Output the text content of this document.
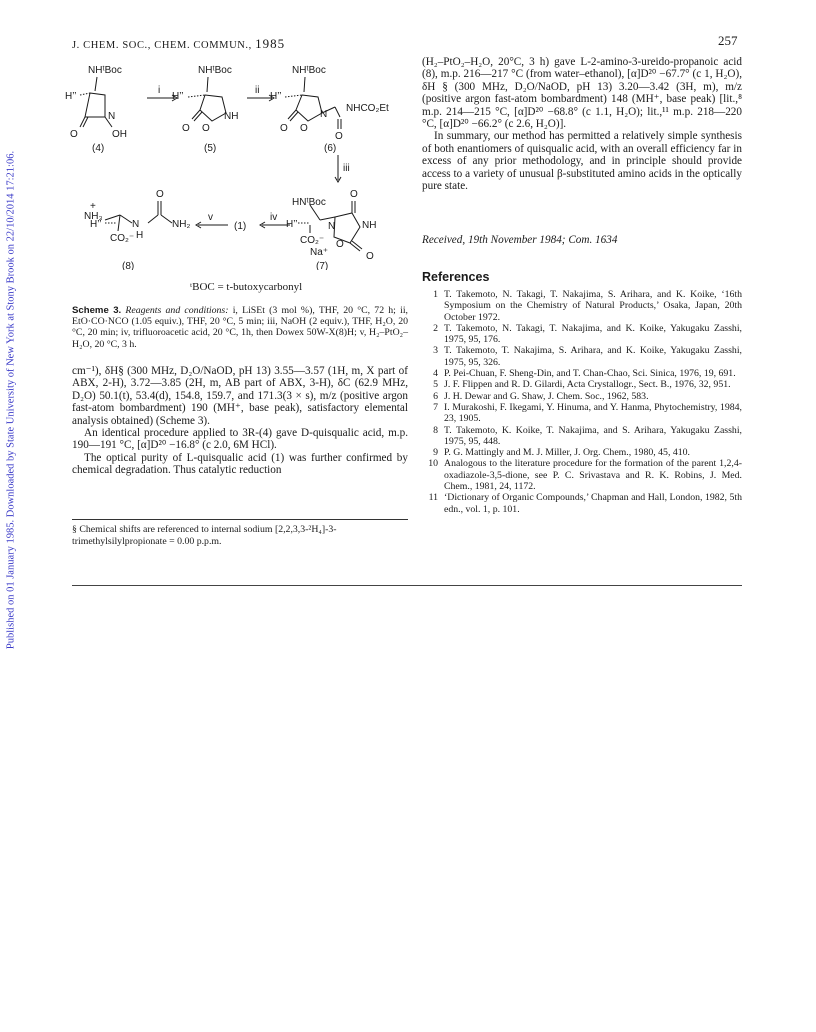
Published on 01 January 1985. Downloaded by State University of New York at Stony Brook on 22/10/2014 17:21:06.
J. CHEM. SOC., CHEM. COMMUN., 1985	257
NHᵗBoc
H’’
N
O	OH
(4)
i
NHᵗBoc
H’’
NH
O
O
(5)
ii
NHᵗBoc
H’’
N
O
O
NHCO₂Et
O
(6)
iii
HNᵗBoc
O
NH
N
H’’
CO₂⁻ O
O
Na⁺
(7)
iv
(1)
v
+
NH₃
H’’
CO₂⁻
N
H
O
NH₂
(8)
ᵗBOC = t-butoxycarbonyl
Scheme 3. Reagents and conditions: i, LiSEt (3 mol %), THF, 20 °C, 72 h; ii, EtO·CO·NCO (1.05 equiv.), THF, 20 °C, 5 min; iii, NaOH (2 equiv.), THF, H₂O, 20 °C, 20 min; iv, trifluoroacetic acid, 20 °C, 1h, then Dowex 50W-X(8)H; v, H₂–PtO₂–H₂O, 20 °C, 3 h.

cm⁻¹), δH§ (300 MHz, D₂O/NaOD, pH 13) 3.55—3.57 (1H, m, X part of ABX, 2-H), 3.72—3.85 (2H, m, AB part of ABX, 3-H), δC (62.9 MHz, D₂O) 50.1(t), 53.4(d), 154.8, 159.7, and 171.3(3 × s), m/z (positive argon fast-atom bombardment) 190 (MH⁺, base peak), satisfactory elemental analysis obtained) (Scheme 3).

An identical procedure applied to 3R-(4) gave D-quisqualic acid, m.p. 190—191 °C, [α]D²⁰ −16.8° (c 2.0, 6M HCl).

The optical purity of L-quisqualic acid (1) was further confirmed by chemical degradation. Thus catalytic reduction

§ Chemical shifts are referenced to internal sodium [2,2,3,3-²H₄]-3-trimethylsilylpropionate = 0.00 p.p.m.

(H₂–PtO₂–H₂O, 20°C, 3 h) gave L-2-amino-3-ureido-propanoic acid (8), m.p. 216—217 °C (from water–ethanol), [α]D²⁰ −67.7° (c 1, H₂O), δH § (300 MHz, D₂O/NaOD, pH 13) 3.20—3.42 (3H, m), m/z (positive argon fast-atom bombardment) 148 (MH⁺, base peak) [lit.,⁸ m.p. 214—215 °C, [α]D²⁰ −68.8° (c 1.1, H₂O); lit.,¹¹ m.p. 218—220 °C, [α]D²⁰ −66.2° (c 2.6, H₂O)].

In summary, our method has permitted a relatively simple synthesis of both enantiomers of quisqualic acid, with an overall efficiency far in excess of any prior methodology, and in principle should provide access to a variety of unusual β-substituted amino acids in the optically pure state.

Received, 19th November 1984; Com. 1634
References
1 T. Takemoto, N. Takagi, T. Nakajima, S. Arihara, and K. Koike, ‘16th Symposium on the Chemistry of Natural Products,’ Osaka, Japan, 20th October 1972.
2 T. Takemoto, N. Takagi, T. Nakajima, and K. Koike, Yakugaku Zasshi, 1975, 95, 176.
3 T. Takemoto, T. Nakajima, S. Arihara, and K. Koike, Yakugaku Zasshi, 1975, 95, 326.
4 P. Pei-Chuan, F. Sheng-Din, and T. Chan-Chao, Sci. Sinica, 1976, 19, 691.
5 J. F. Flippen and R. D. Gilardi, Acta Crystallogr., Sect. B., 1976, 32, 951.
6 J. H. Dewar and G. Shaw, J. Chem. Soc., 1962, 583.
7 I. Murakoshi, F. Ikegami, Y. Hinuma, and Y. Hanma, Phytochemistry, 1984, 23, 1905.
8 T. Takemoto, K. Koike, T. Nakajima, and S. Arihara, Yakugaku Zasshi, 1975, 95, 448.
9 P. G. Mattingly and M. J. Miller, J. Org. Chem., 1980, 45, 410.
10 Analogous to the literature procedure for the formation of the parent 1,2,4-oxadiazole-3,5-dione, see P. C. Srivastava and R. K. Robins, J. Med. Chem., 1981, 24, 1172.
11 ‘Dictionary of Organic Compounds,’ Chapman and Hall, London, 1982, 5th edn., vol. 1, p. 101.
